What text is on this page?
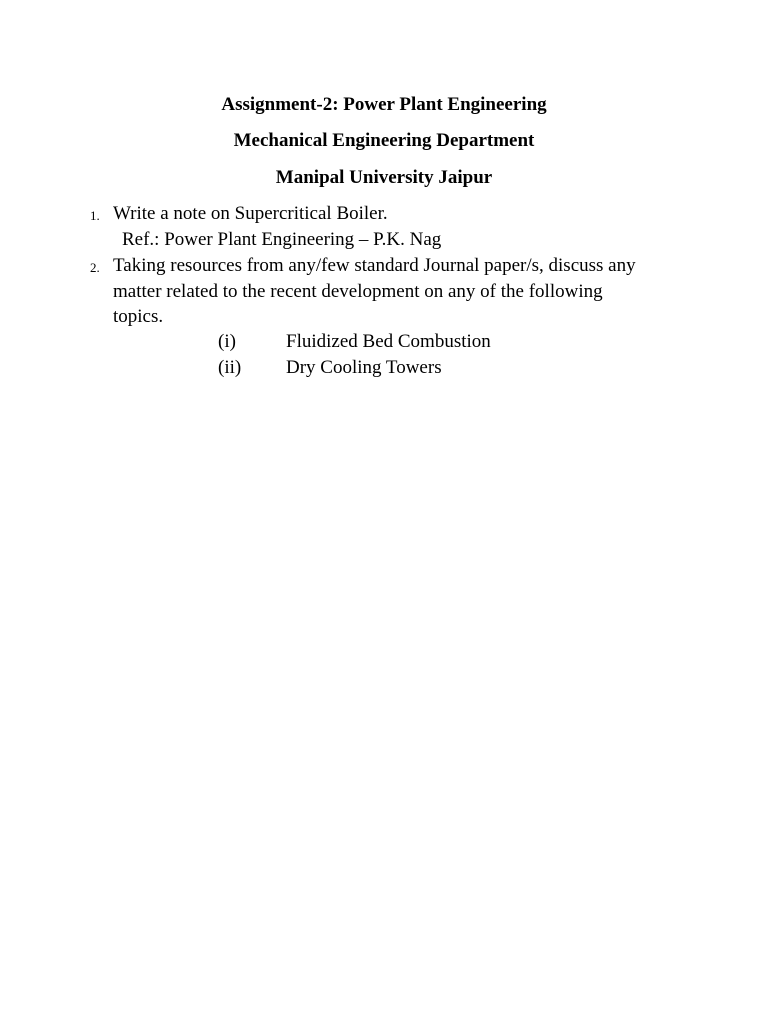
Assignment-2: Power Plant Engineering
Mechanical Engineering Department
Manipal University Jaipur
1. Write a note on Supercritical Boiler.
Ref.: Power Plant Engineering – P.K. Nag
2. Taking resources from any/few standard Journal paper/s, discuss any
matter related to the recent development on any of the following
topics.
(i)	Fluidized Bed Combustion
(ii) Dry Cooling Towers
